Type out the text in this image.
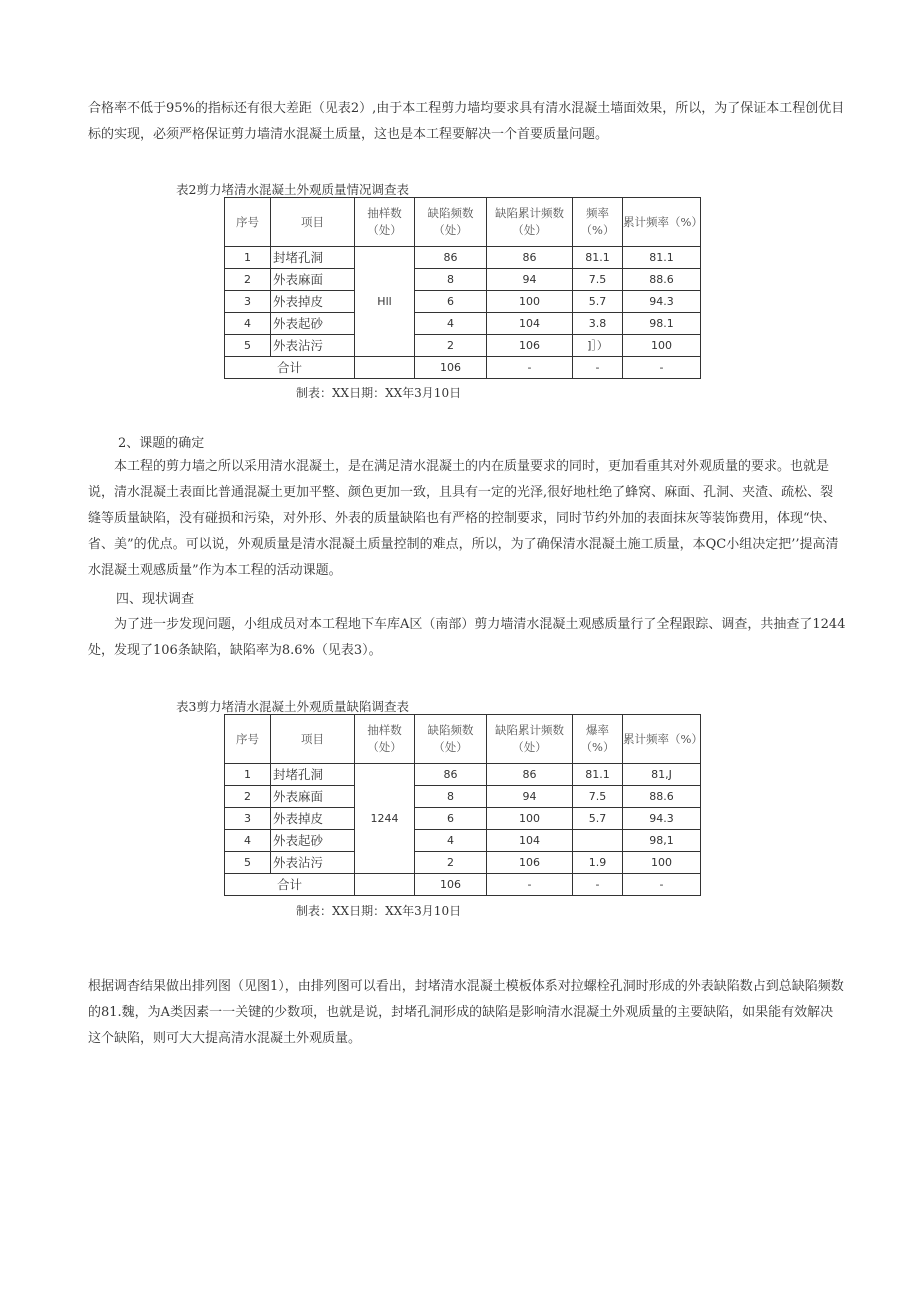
合格率不低于95%的指标还有很大差距（见表2）,由于本工程剪力墙均要求具有清水混凝土墙面效果，所以，为了保证本工程创优目标的实现，必须严格保证剪力墙清水混凝土质量，这也是本工程要解决一个首要质量问题。

表2剪力堵清水混凝土外观质量情况调查表

序号	项目	抽样数（处）	缺陷频数（处）	缺陷累计频数（处）	频率（%）	累计频率（%）
1	封堵孔洞	Hll	86	86	81.1	81.1
2	外表麻面		8	94	7.5	88.6
3	外表掉皮		6	100	5.7	94.3
4	外表起砂		4	104	3.8	98.1
5	外表沾污		2	106	]］）	100
合计			106	-	-	-

制表：XX日期：XX年3月10日

2、课题的确定

本工程的剪力墙之所以采用清水混凝土，是在满足清水混凝土的内在质量要求的同时，更加看重其对外观质量的要求。也就是说，清水混凝土表面比普通混凝土更加平整、颜色更加一致，且具有一定的光泽,很好地杜绝了蜂窝、麻面、孔洞、夹渣、疏松、裂缝等质量缺陷，没有碰损和污染，对外形、外表的质量缺陷也有严格的控制要求，同时节约外加的表面抹灰等装饰费用，体现“快、省、美”的优点。可以说，外观质量是清水混凝土质量控制的难点，所以，为了确保清水混凝土施工质量，本QC小组决定把’’提高清水混凝土观感质量”作为本工程的活动课题。

四、现状调查

为了进一步发现问题，小组成员对本工程地下车库A区（南部）剪力墙清水混凝土观感质量行了全程跟踪、调查，共抽查了1244处，发现了106条缺陷，缺陷率为8.6%（见表3）。

表3剪力堵清水混凝土外观质量缺陷调查表

序号	项目	抽样数（处）	缺陷频数（处）	缺陷累计频数（处）	爆率（%）	累计频率（%）
1	封堵孔洞	1244	86	86	81.1	81,J
2	外表麻面		8	94	7.5	88.6
3	外表掉皮		6	100	5.7	94.3
4	外表起砂		4	104		98,1
5	外表沾污		2	106	1.9	100
合计			106	-	-	-

制表：XX日期：XX年3月10日

根据调杳结果做出排列图（见图1），由排列图可以看出，封堵清水混凝土模板体系对拉螺栓孔洞时形成的外表缺陷数占到总缺陷频数的81.魏，为A类因素一一关键的少数项，也就是说，封堵孔洞形成的缺陷是影响清水混凝土外观质量的主要缺陷，如果能有效解决这个缺陷，则可大大提高清水混凝土外观质量。
